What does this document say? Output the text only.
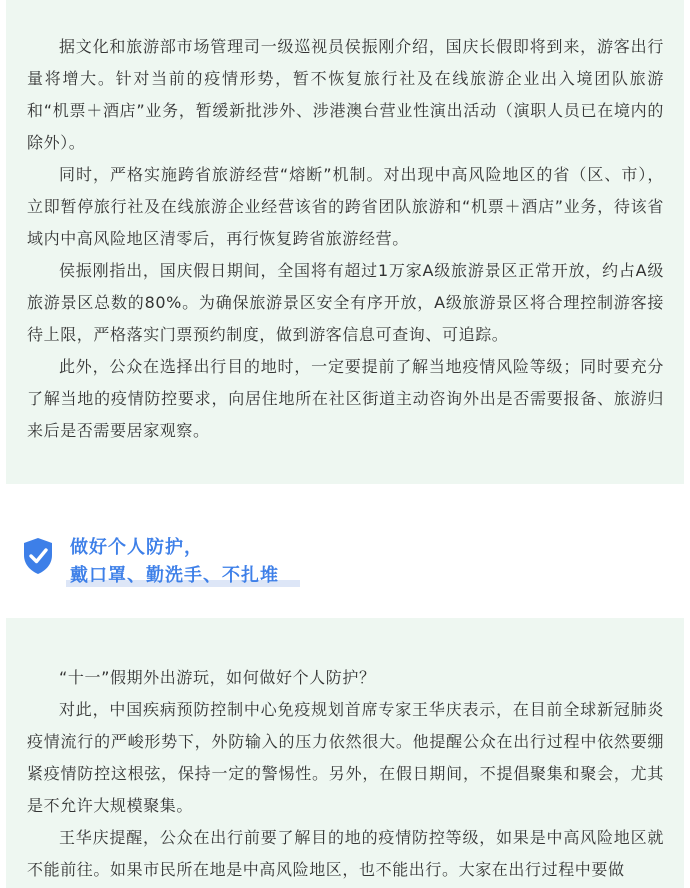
据文化和旅游部市场管理司一级巡视员侯振刚介绍，国庆长假即将到来，游客出行量将增大。针对当前的疫情形势，暂不恢复旅行社及在线旅游企业出入境团队旅游和“机票＋酒店”业务，暂缓新批涉外、涉港澳台营业性演出活动（演职人员已在境内的除外）。

同时，严格实施跨省旅游经营“熔断”机制。对出现中高风险地区的省（区、市），立即暂停旅行社及在线旅游企业经营该省的跨省团队旅游和“机票＋酒店”业务，待该省域内中高风险地区清零后，再行恢复跨省旅游经营。

侯振刚指出，国庆假日期间，全国将有超过1万家A级旅游景区正常开放，约占A级旅游景区总数的80%。为确保旅游景区安全有序开放，A级旅游景区将合理控制游客接待上限，严格落实门票预约制度，做到游客信息可查询、可追踪。

此外，公众在选择出行目的地时，一定要提前了解当地疫情风险等级；同时要充分了解当地的疫情防控要求，向居住地所在社区街道主动咨询外出是否需要报备、旅游归来后是否需要居家观察。

做好个人防护，
戴口罩、勤洗手、不扎堆

“十一”假期外出游玩，如何做好个人防护？

对此，中国疾病预防控制中心免疫规划首席专家王华庆表示，在目前全球新冠肺炎疫情流行的严峻形势下，外防输入的压力依然很大。他提醒公众在出行过程中依然要绷紧疫情防控这根弦，保持一定的警惕性。另外，在假日期间，不提倡聚集和聚会，尤其是不允许大规模聚集。

王华庆提醒，公众在出行前要了解目的地的疫情防控等级，如果是中高风险地区就不能前往。如果市民所在地是中高风险地区，也不能出行。大家在出行过程中要做
